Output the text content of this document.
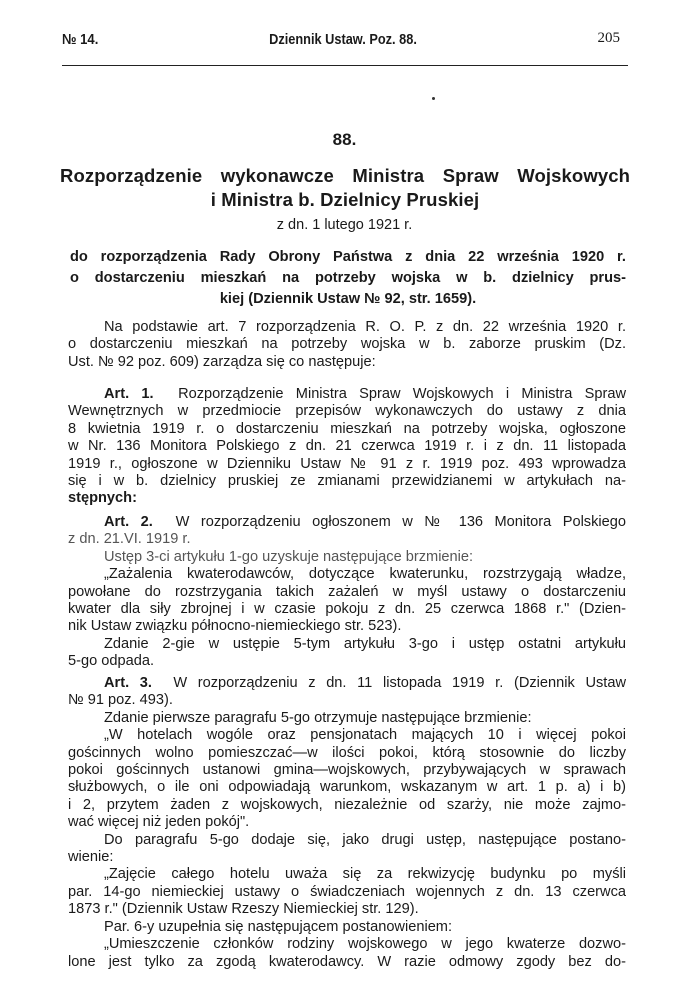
№ 14.	Dziennik Ustaw. Poz. 88.	205
88.
Rozporządzenie wykonawcze Ministra Spraw Wojskowych
i Ministra b. Dzielnicy Pruskiej
z dn. 1 lutego 1921 r.
do rozporządzenia Rady Obrony Państwa z dnia 22 września 1920 r.
o dostarczeniu mieszkań na potrzeby wojska w b. dzielnicy prus-
kiej (Dziennik Ustaw № 92, str. 1659).
Na podstawie art. 7 rozporządzenia R. O. P. z dn. 22 września 1920 r.
o dostarczeniu mieszkań na potrzeby wojska w b. zaborze pruskim (Dz.
Ust. № 92 poz. 609) zarządza się co następuje:
Art. 1. Rozporządzenie Ministra Spraw Wojskowych i Ministra Spraw
Wewnętrznych w przedmiocie przepisów wykonawczych do ustawy z dnia
8 kwietnia 1919 r. o dostarczeniu mieszkań na potrzeby wojska, ogłoszone
w Nr. 136 Monitora Polskiego z dn. 21 czerwca 1919 r. i z dn. 11 listopada
1919 r., ogłoszone w Dzienniku Ustaw № 91 z r. 1919 poz. 493 wprowadza
się i w b. dzielnicy pruskiej ze zmianami przewidzianemi w artykułach na-
stępnych:
Art. 2. W rozporządzeniu ogłoszonem w № 136 Monitora Polskiego
z dn. 21.VI. 1919 r.
Ustęp 3-ci artykułu 1-go uzyskuje następujące brzmienie:
„Zażalenia kwaterodawców, dotyczące kwaterunku, rozstrzygają władze,
powołane do rozstrzygania takich zażaleń w myśl ustawy o dostarczeniu
kwater dla siły zbrojnej i w czasie pokoju z dn. 25 czerwca 1868 r." (Dzien-
nik Ustaw związku północno-niemieckiego str. 523).
Zdanie 2-gie w ustępie 5-tym artykułu 3-go i ustęp ostatni artykułu
5-go odpada.
Art. 3. W rozporządzeniu z dn. 11 listopada 1919 r. (Dziennik Ustaw
№ 91 poz. 493).
Zdanie pierwsze paragrafu 5-go otrzymuje następujące brzmienie:
„W hotelach wogóle oraz pensjonatach mających 10 i więcej pokoi
gościnnych wolno pomieszczać—w ilości pokoi, którą stosownie do liczby
pokoi gościnnych ustanowi gmina—wojskowych, przybywających w sprawach
służbowych, o ile oni odpowiadają warunkom, wskazanym w art. 1 p. a) i b)
i 2, przytem żaden z wojskowych, niezależnie od szarży, nie może zajmo-
wać więcej niż jeden pokój".
Do paragrafu 5-go dodaje się, jako drugi ustęp, następujące postano-
wienie:
„Zajęcie całego hotelu uważa się za rekwizycję budynku po myśli
par. 14-go niemieckiej ustawy o świadczeniach wojennych z dn. 13 czerwca
1873 r." (Dziennik Ustaw Rzeszy Niemieckiej str. 129).
Par. 6-y uzupełnia się następującem postanowieniem:
„Umieszczenie członków rodziny wojskowego w jego kwaterze dozwo-
lone jest tylko za zgodą kwaterodawcy. W razie odmowy zgody bez do-
